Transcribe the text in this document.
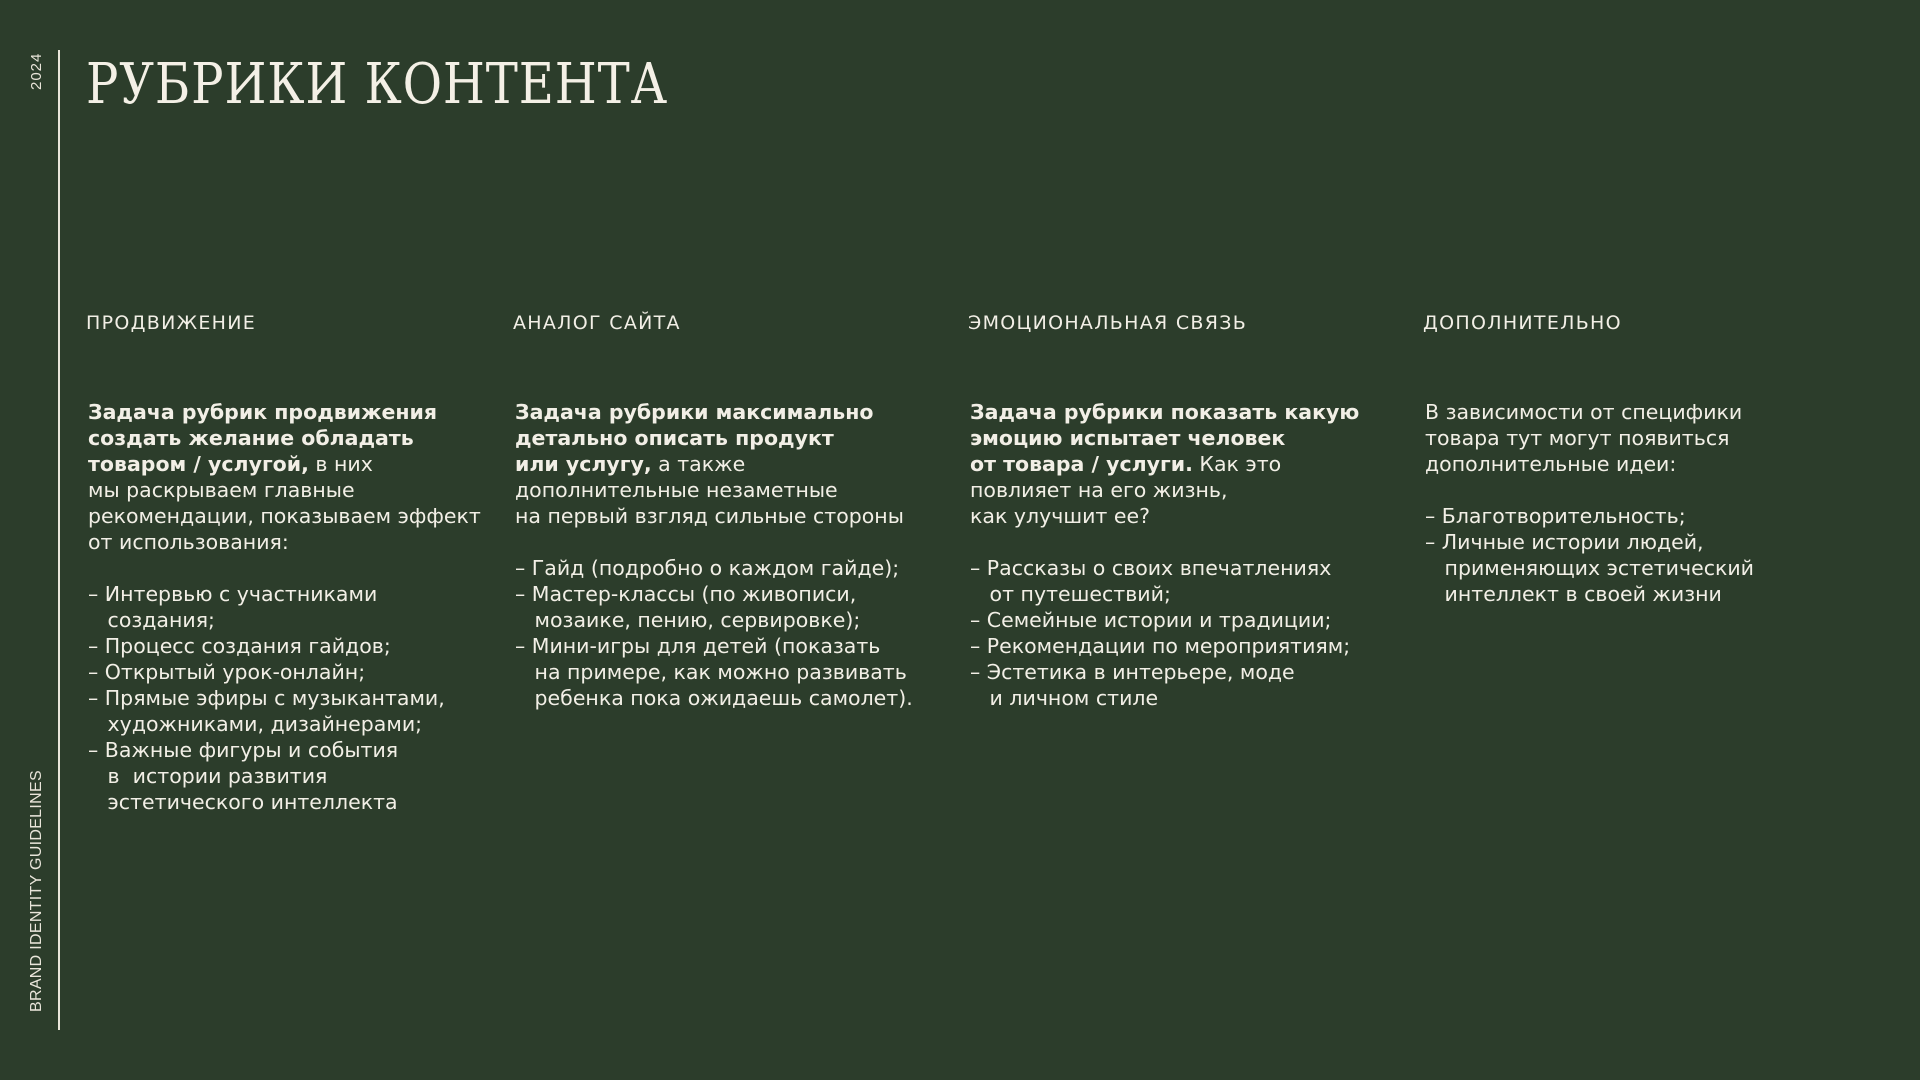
2024
BRAND IDENTITY GUIDELINES
РУБРИКИ КОНТЕНТА
ПРОДВИЖЕНИЕ
Задача рубрик продвижения
создать желание обладать
товаром / услугой, в них
мы раскрываем главные
рекомендации, показываем эффект
от использования:
– Интервью с участниками
создания;
– Процесс создания гайдов;
– Открытый урок-онлайн;
– Прямые эфиры с музыкантами,
художниками, дизайнерами;
– Важные фигуры и события
в  истории развития
эстетического интеллекта
АНАЛОГ САЙТА
Задача рубрики максимально
детально описать продукт
или услугу, а также
дополнительные незаметные
на первый взгляд сильные стороны
– Гайд (подробно о каждом гайде);
– Мастер-классы (по живописи,
мозаике, пению, сервировке);
– Мини-игры для детей (показать
на примере, как можно развивать
ребенка пока ожидаешь самолет).
ЭМОЦИОНАЛЬНАЯ СВЯЗЬ
Задача рубрики показать какую
эмоцию испытает человек
от товара / услуги. Как это
повлияет на его жизнь,
как улучшит ее?
– Рассказы о своих впечатлениях
от путешествий;
– Семейные истории и традиции;
– Рекомендации по мероприятиям;
– Эстетика в интерьере, моде
и личном стиле
ДОПОЛНИТЕЛЬНО
В зависимости от специфики
товара тут могут появиться
дополнительные идеи:
– Благотворительность;
– Личные истории людей,
применяющих эстетический
интеллект в своей жизни
